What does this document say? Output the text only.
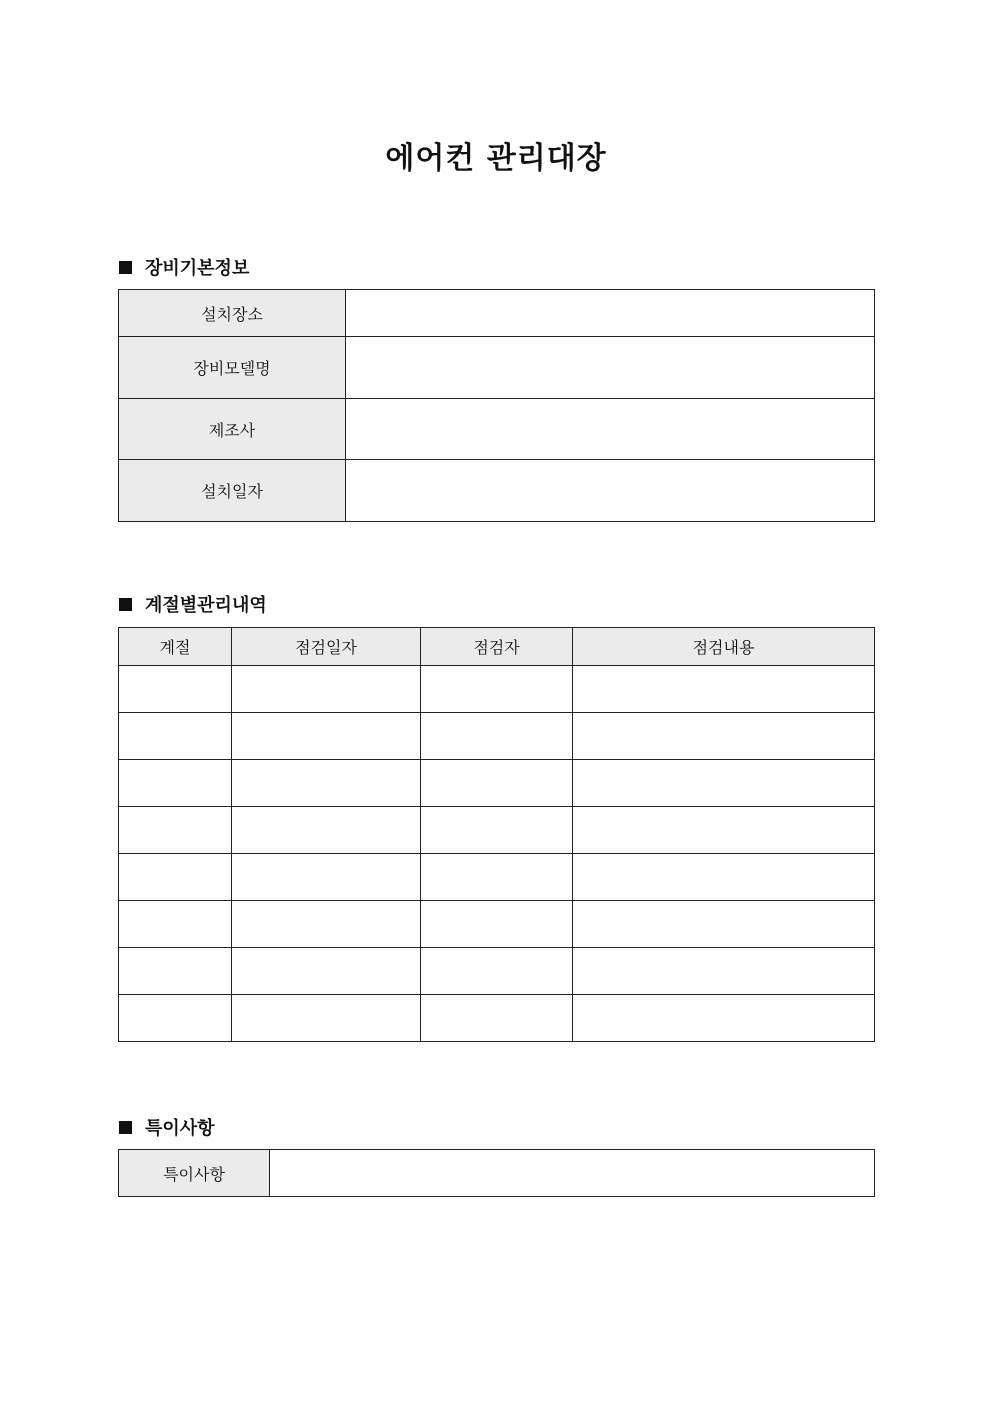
에어컨 관리대장
장비기본정보
설치장소	
장비모델명	
제조사	
설치일자	
계절별관리내역
계절	점검일자	점검자	점검내용

특이사항
특이사항	
